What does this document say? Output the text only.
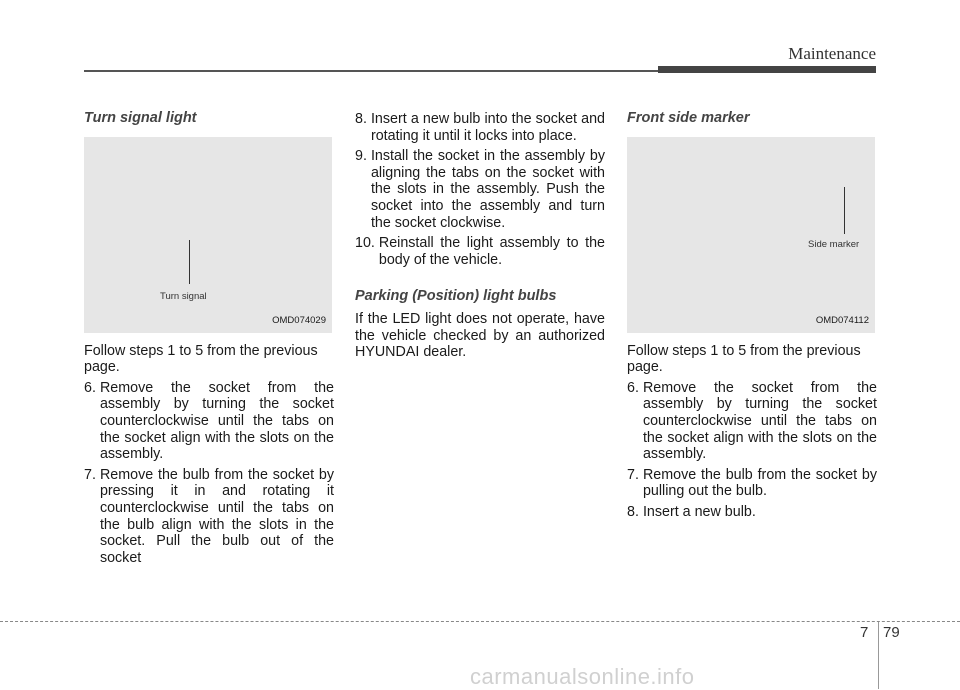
Maintenance
Turn signal light
Turn signal
OMD074029

Follow steps 1 to 5 from the previous page.

6. Remove the socket from the assembly by turning the socket counterclockwise until the tabs on the socket align with the slots on the assembly.
7. Remove the bulb from the socket by pressing it in and rotating it counterclockwise until the tabs on the bulb align with the slots in the socket. Pull the bulb out of the socket
8. Insert a new bulb into the socket and rotating it until it locks into place.
9. Install the socket in the assembly by aligning the tabs on the socket with the slots in the assembly. Push the socket into the assembly and turn the socket clockwise.
10. Reinstall the light assembly to the body of the vehicle.
Parking (Position) light bulbs

If the LED light does not operate, have the vehicle checked by an authorized HYUNDAI dealer.

Front side marker
Side marker
OMD074112

Follow steps 1 to 5 from the previous page.

6. Remove the socket from the assembly by turning the socket counterclockwise until the tabs on the socket align with the slots on the assembly.
7. Remove the bulb from the socket by pulling out the bulb.
8. Insert a new bulb.
7 79
carmanualsonline.info
